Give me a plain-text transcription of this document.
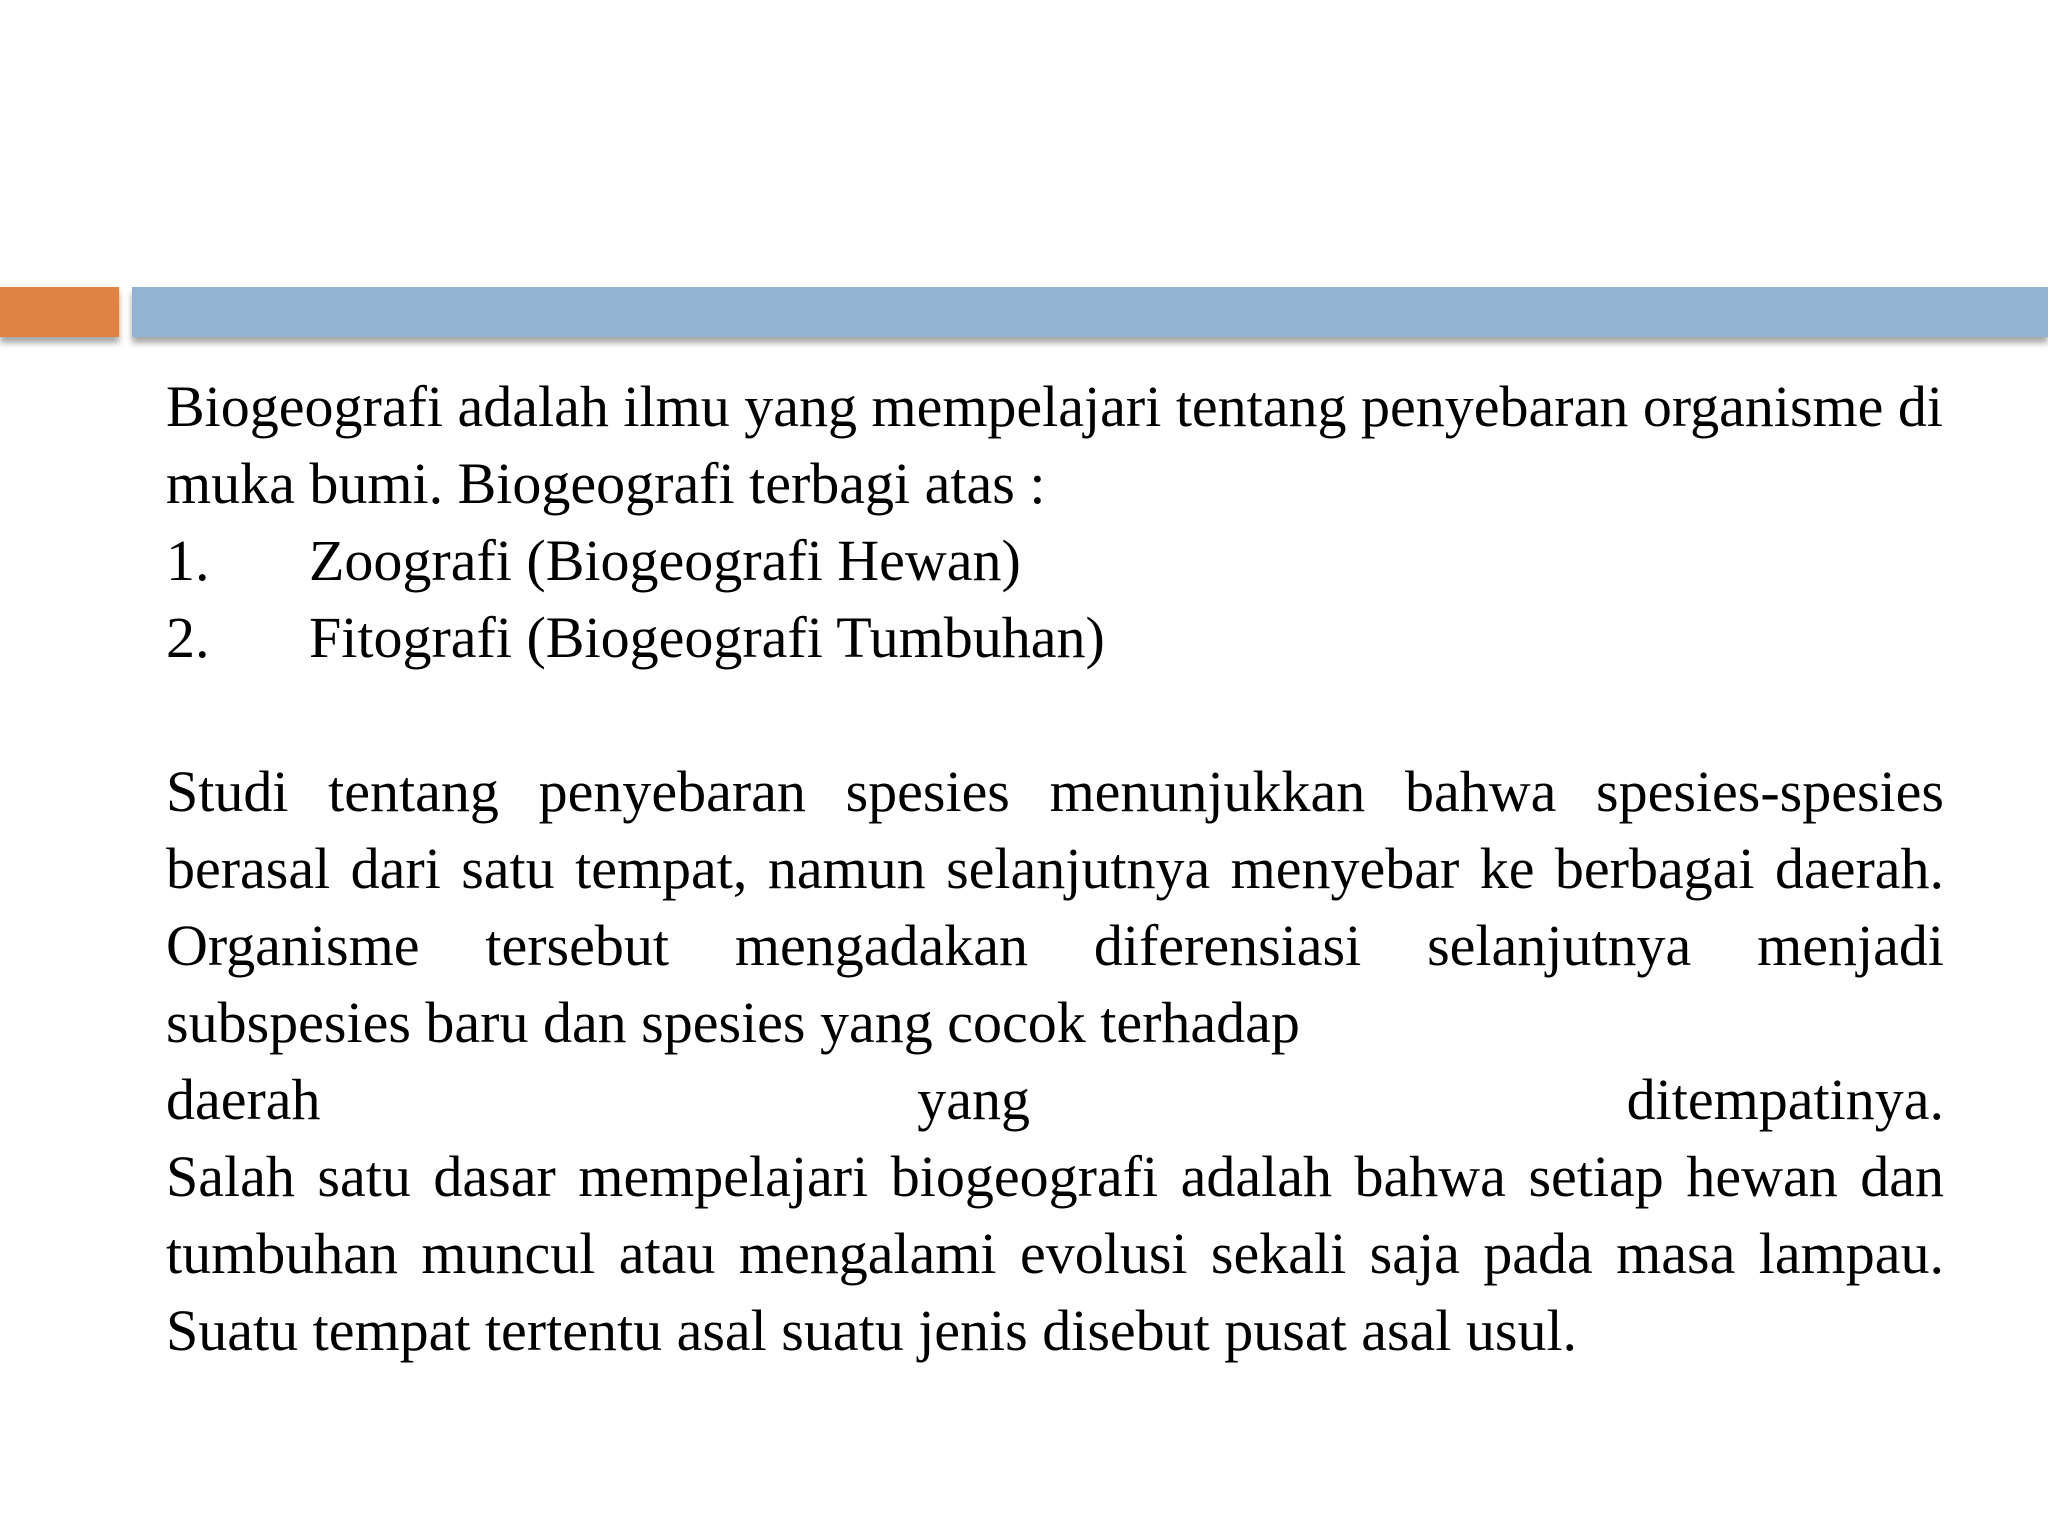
Biogeografi adalah ilmu yang mempelajari tentang penyebaran organisme di muka bumi. Biogeografi terbagi atas :

1.	Zoografi (Biogeografi Hewan)
2.	Fitografi (Biogeografi Tumbuhan)

Studi tentang penyebaran spesies menunjukkan bahwa spesies-spesies berasal dari satu tempat, namun selanjutnya menyebar ke berbagai daerah. Organisme tersebut mengadakan diferensiasi selanjutnya menjadi subspesies baru dan spesies yang cocok terhadap

daerah	yang	ditempatinya.

Salah satu dasar mempelajari biogeografi adalah bahwa setiap hewan dan tumbuhan muncul atau mengalami evolusi sekali saja pada masa lampau. Suatu tempat tertentu asal suatu jenis disebut pusat asal usul.
